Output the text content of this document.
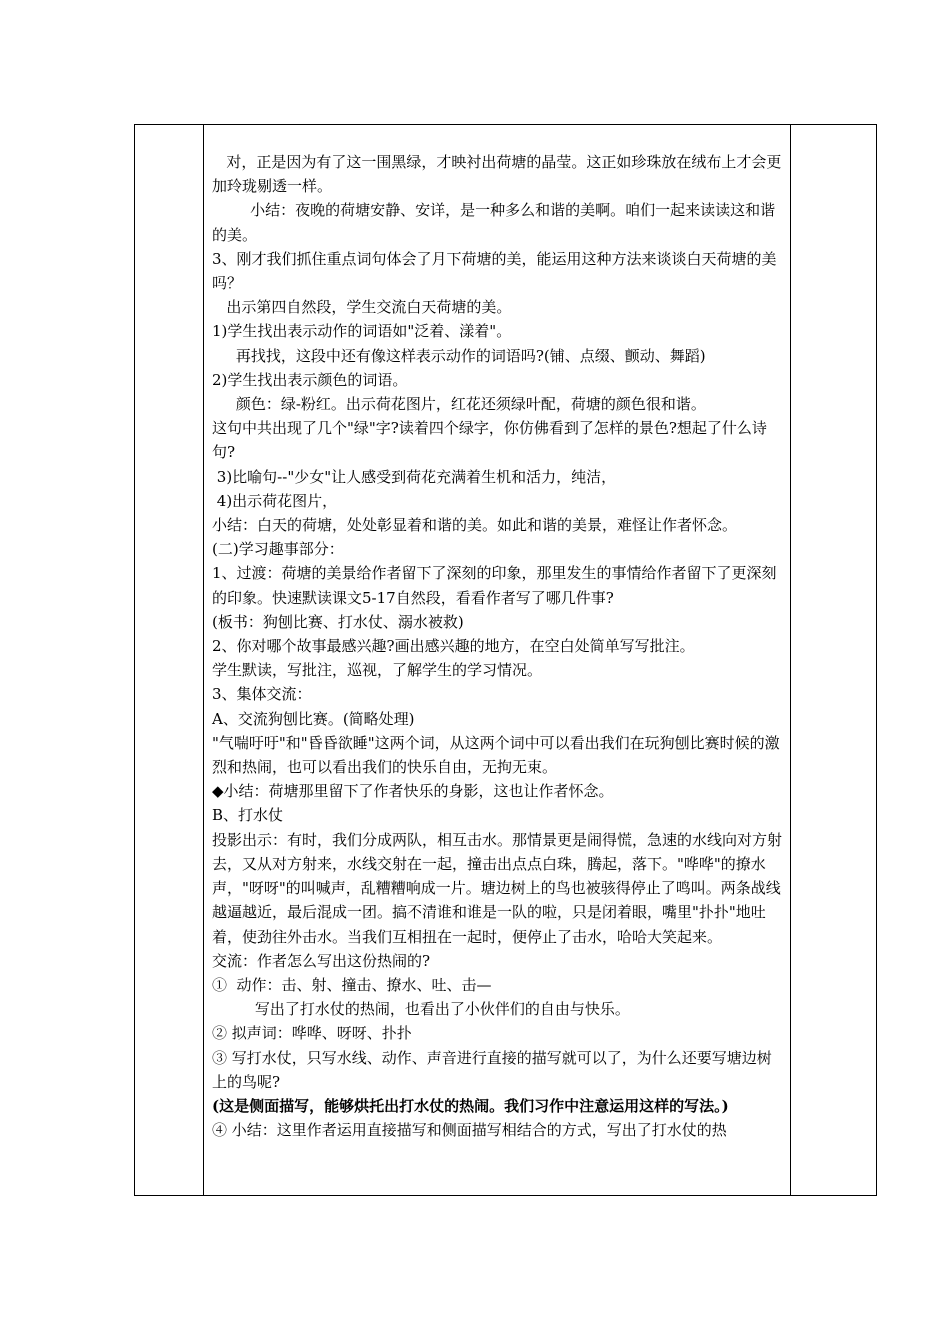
对，正是因为有了这一围黑绿，才映衬出荷塘的晶莹。这正如珍珠放在绒布上才会更加玲珑剔透一样。

小结：夜晚的荷塘安静、安详，是一种多么和谐的美啊。咱们一起来读读这和谐的美。

3、刚才我们抓住重点词句体会了月下荷塘的美，能运用这种方法来谈谈白天荷塘的美吗？

出示第四自然段，学生交流白天荷塘的美。

1)学生找出表示动作的词语如"泛着、漾着"。

再找找，这段中还有像这样表示动作的词语吗?(铺、点缀、颤动、舞蹈)

2)学生找出表示颜色的词语。

颜色：绿-粉红。出示荷花图片，红花还须绿叶配，荷塘的颜色很和谐。

这句中共出现了几个"绿"字?读着四个绿字，你仿佛看到了怎样的景色?想起了什么诗句?

3)比喻句--"少女"让人感受到荷花充满着生机和活力，纯洁，

4)出示荷花图片，

小结：白天的荷塘，处处彰显着和谐的美。如此和谐的美景，难怪让作者怀念。

(二)学习趣事部分：

1、过渡：荷塘的美景给作者留下了深刻的印象，那里发生的事情给作者留下了更深刻的印象。快速默读课文5-17自然段，看看作者写了哪几件事?

(板书：狗刨比赛、打水仗、溺水被救)

2、你对哪个故事最感兴趣?画出感兴趣的地方，在空白处简单写写批注。

学生默读，写批注，巡视，了解学生的学习情况。

3、集体交流：

A、交流狗刨比赛。(简略处理)

"气喘吁吁"和"昏昏欲睡"这两个词，从这两个词中可以看出我们在玩狗刨比赛时候的激烈和热闹，也可以看出我们的快乐自由，无拘无束。

◆小结：荷塘那里留下了作者快乐的身影，这也让作者怀念。

B、打水仗

投影出示：有时，我们分成两队，相互击水。那情景更是闹得慌，急速的水线向对方射去，又从对方射来，水线交射在一起，撞击出点点白珠，腾起，落下。"哗哗"的撩水声，"呀呀"的叫喊声，乱糟糟响成一片。塘边树上的鸟也被骇得停止了鸣叫。两条战线越逼越近，最后混成一团。搞不清谁和谁是一队的啦，只是闭着眼，嘴里"扑扑"地吐着，使劲往外击水。当我们互相扭在一起时，便停止了击水，哈哈大笑起来。

交流：作者怎么写出这份热闹的?

①  动作：击、射、撞击、撩水、吐、击—

写出了打水仗的热闹，也看出了小伙伴们的自由与快乐。

② 拟声词：哗哗、呀呀、扑扑

③ 写打水仗，只写水线、动作、声音进行直接的描写就可以了，为什么还要写塘边树上的鸟呢?

(这是侧面描写，能够烘托出打水仗的热闹。我们习作中注意运用这样的写法。)

④ 小结：这里作者运用直接描写和侧面描写相结合的方式，写出了打水仗的热
